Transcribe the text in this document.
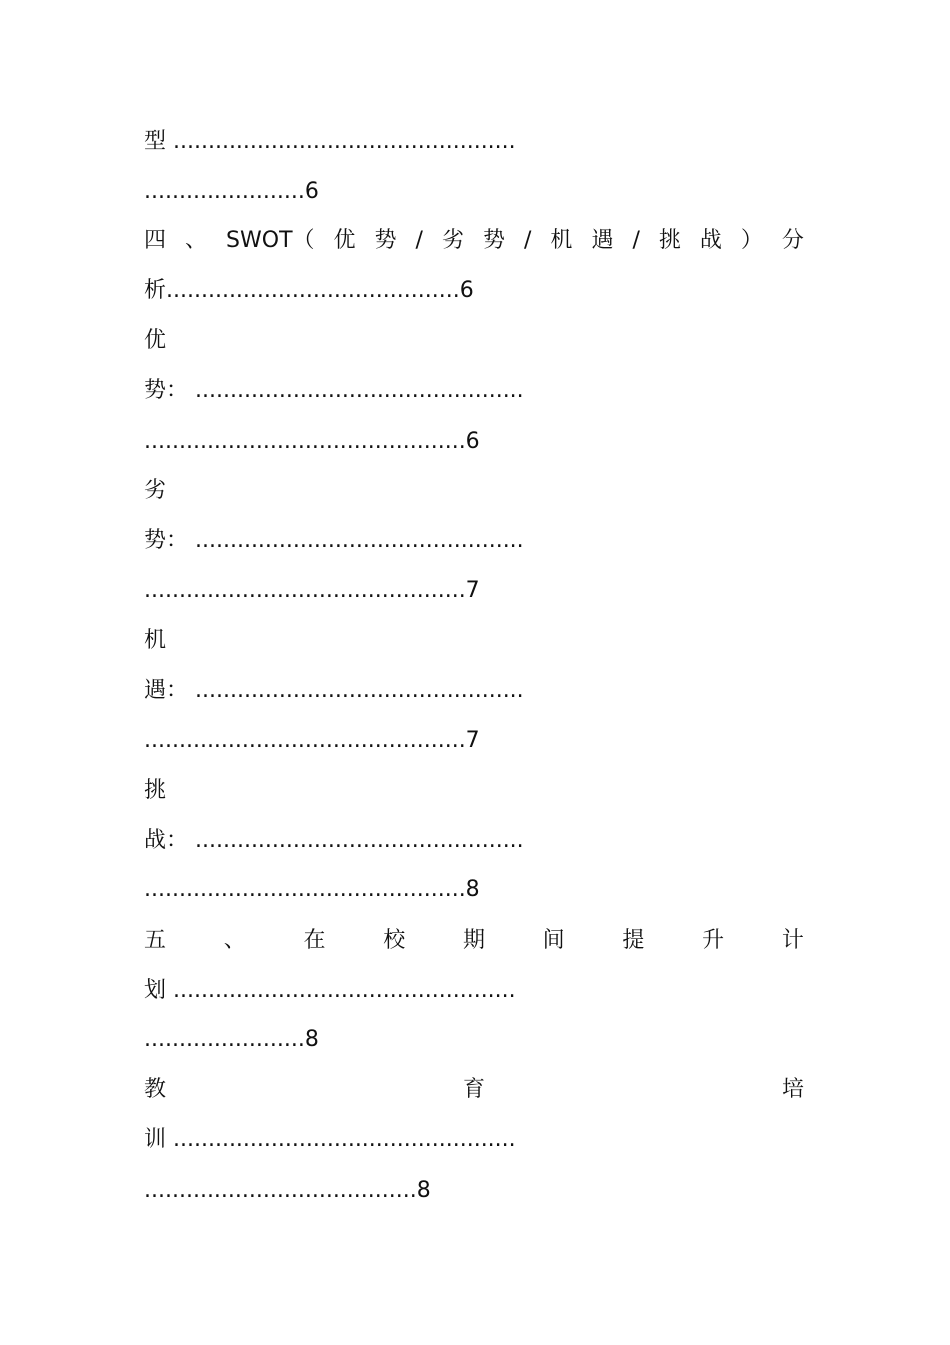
型 .................................................
.......................6
四 、 SWOT（ 优 势 / 劣 势 / 机 遇 / 挑 战 ） 分
析..........................................6
优
势： ...............................................
..............................................6
劣
势： ...............................................
..............................................7
机
遇： ...............................................
..............................................7
挑
战： ...............................................
..............................................8
五	、	在	校	期	间	提	升	计
划 .................................................
.......................8
教	育	培
训 .................................................
.......................................8
